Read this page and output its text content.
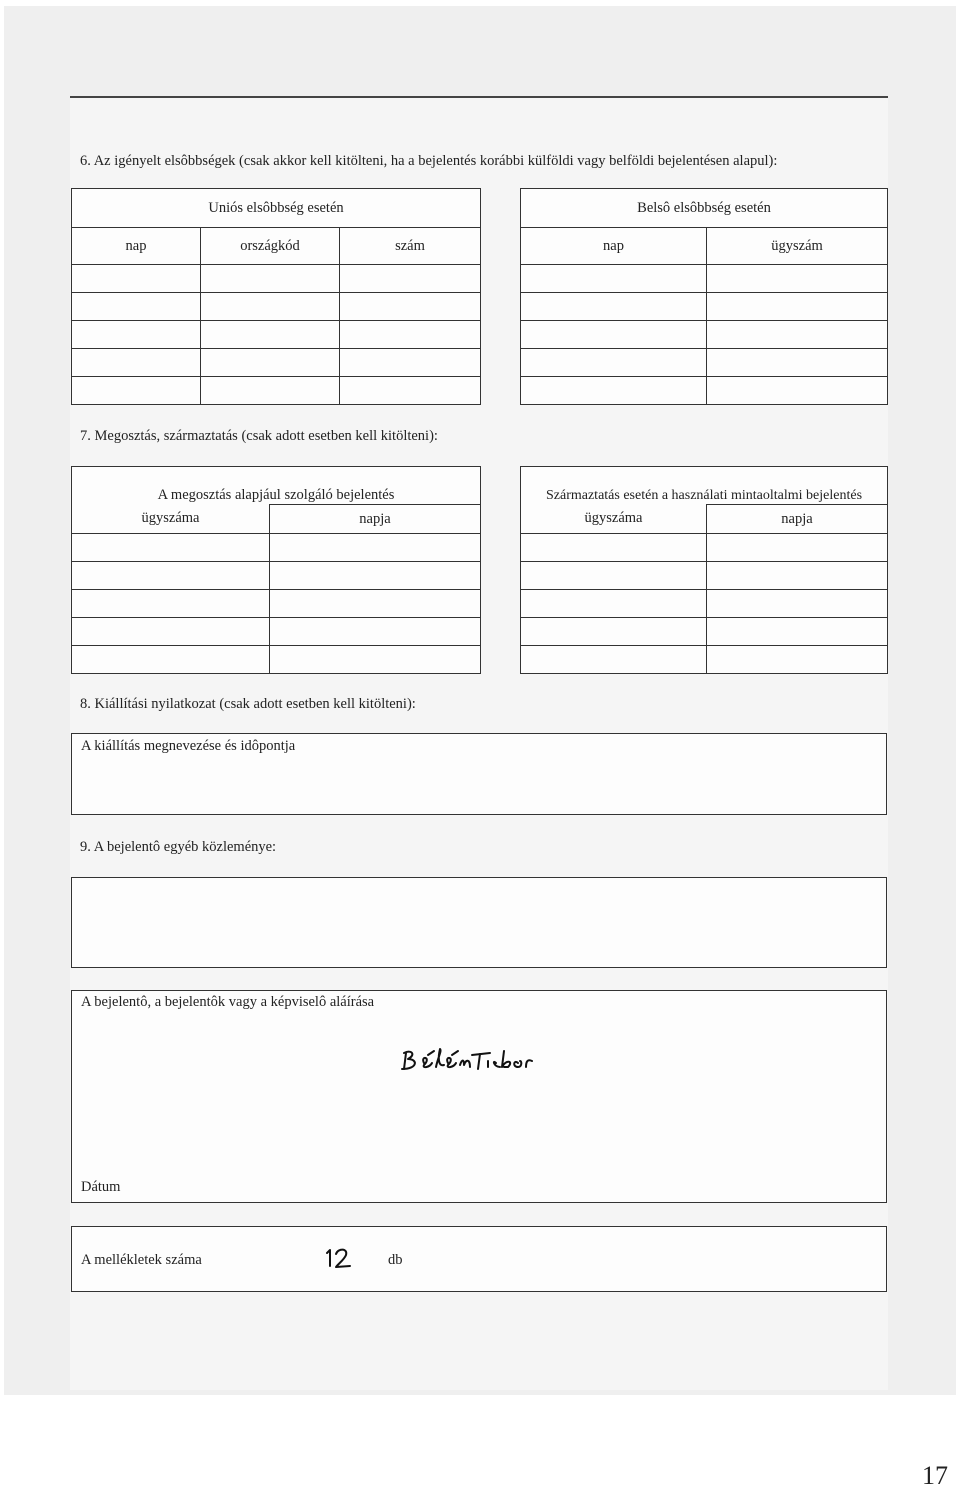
6. Az igényelt elsôbbségek (csak akkor kell kitölteni, ha a bejelentés korábbi külföldi vagy belföldi bejelentésen alapul):
Uniós elsôbbség esetén		
nap	országkód	szám

Belsô elsôbbség esetén	
nap	ügyszám

7. Megosztás, származtatás (csak adott esetben kell kitölteni):
A megosztás alapjául szolgáló bejelentés	
ügyszáma	napja

Származtatás esetén a használati mintaoltalmi bejelentés	
ügyszáma	napja

8. Kiállítási nyilatkozat (csak adott esetben kell kitölteni):
A kiállítás megnevezése és idôpontja
9. A bejelentô egyéb közleménye:
A bejelentô, a bejelentôk vagy a képviselô aláírása
Dátum
A mellékletek száma	db
17
